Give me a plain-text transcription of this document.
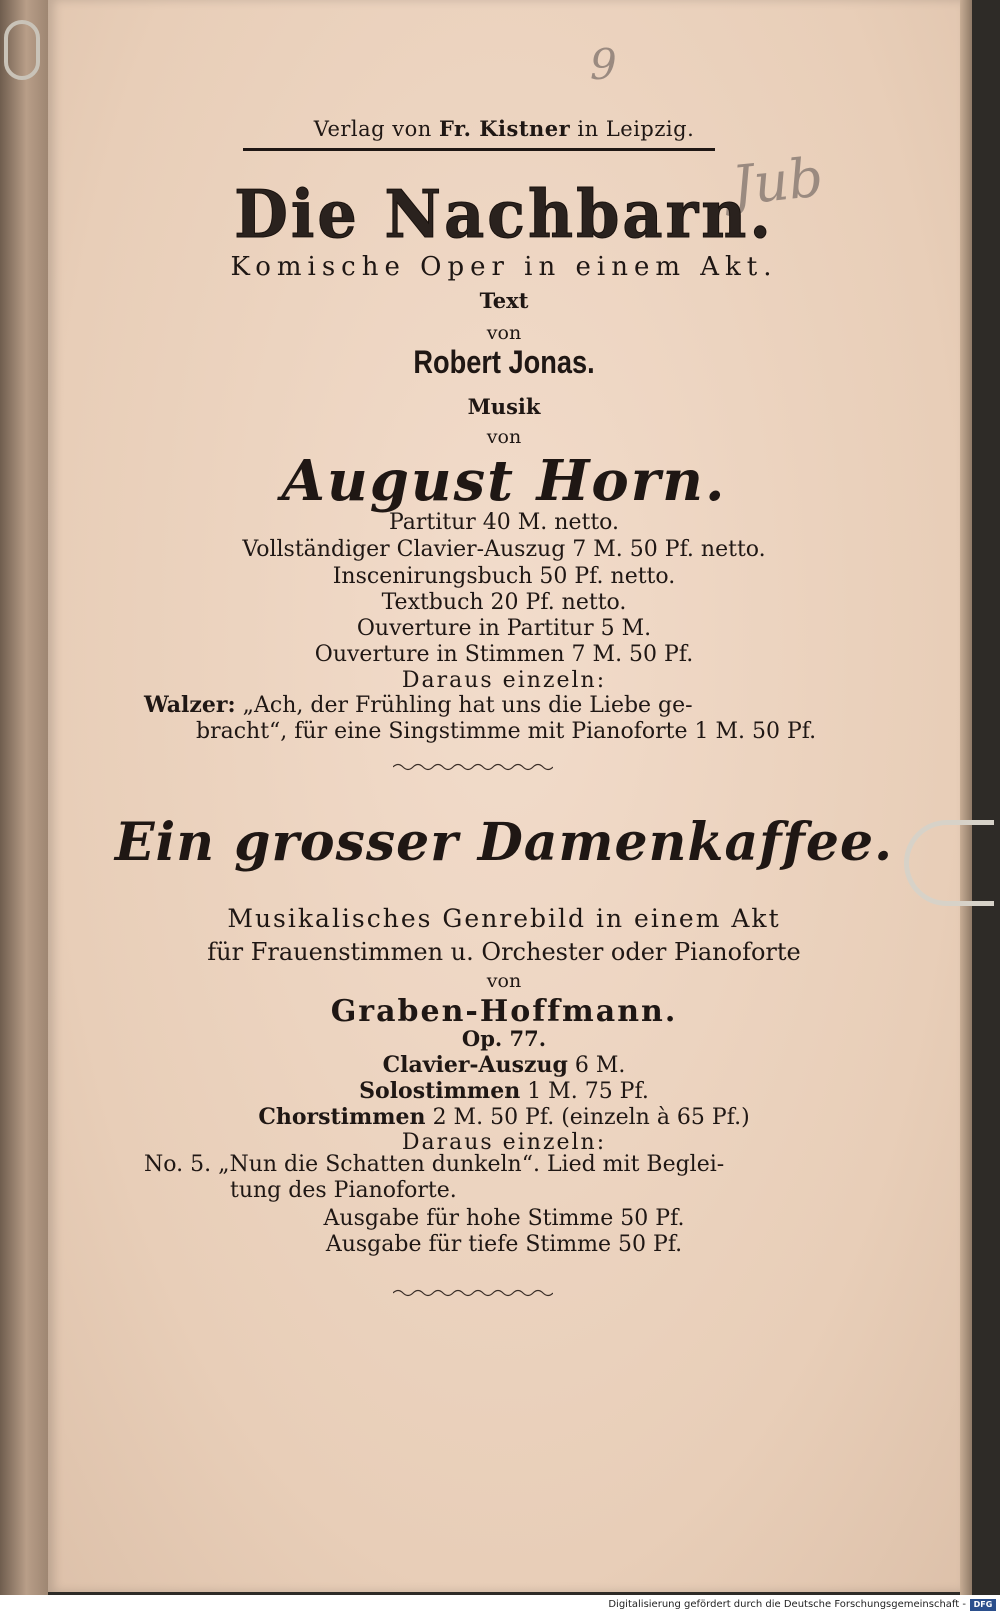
9
Jub
Verlag von Fr. Kistner in Leipzig.
Die Nachbarn.
Komische Oper in einem Akt.
Text
von
Robert Jonas.
Musik
von
August Horn.
Partitur 40 M. netto.
Vollständiger Clavier-Auszug 7 M. 50 Pf. netto.
Inscenirungsbuch 50 Pf. netto.
Textbuch 20 Pf. netto.
Ouverture in Partitur 5 M.
Ouverture in Stimmen 7 M. 50 Pf.
Daraus einzeln:
Walzer: „Ach, der Frühling hat uns die Liebe ge-
bracht“, für eine Singstimme mit Pianoforte 1 M. 50 Pf.
Ein grosser Damenkaffee.
Musikalisches Genrebild in einem Akt
für Frauenstimmen u. Orchester oder Pianoforte
von
Graben-Hoffmann.
Op. 77.
Clavier-Auszug 6 M.
Solostimmen 1 M. 75 Pf.
Chorstimmen 2 M. 50 Pf. (einzeln à 65 Pf.)
Daraus einzeln:
No. 5. „Nun die Schatten dunkeln“. Lied mit Beglei-
tung des Pianoforte.
Ausgabe für hohe Stimme 50 Pf.
Ausgabe für tiefe Stimme 50 Pf.
Digitalisierung gefördert durch die Deutsche Forschungsgemeinschaft - DFG
